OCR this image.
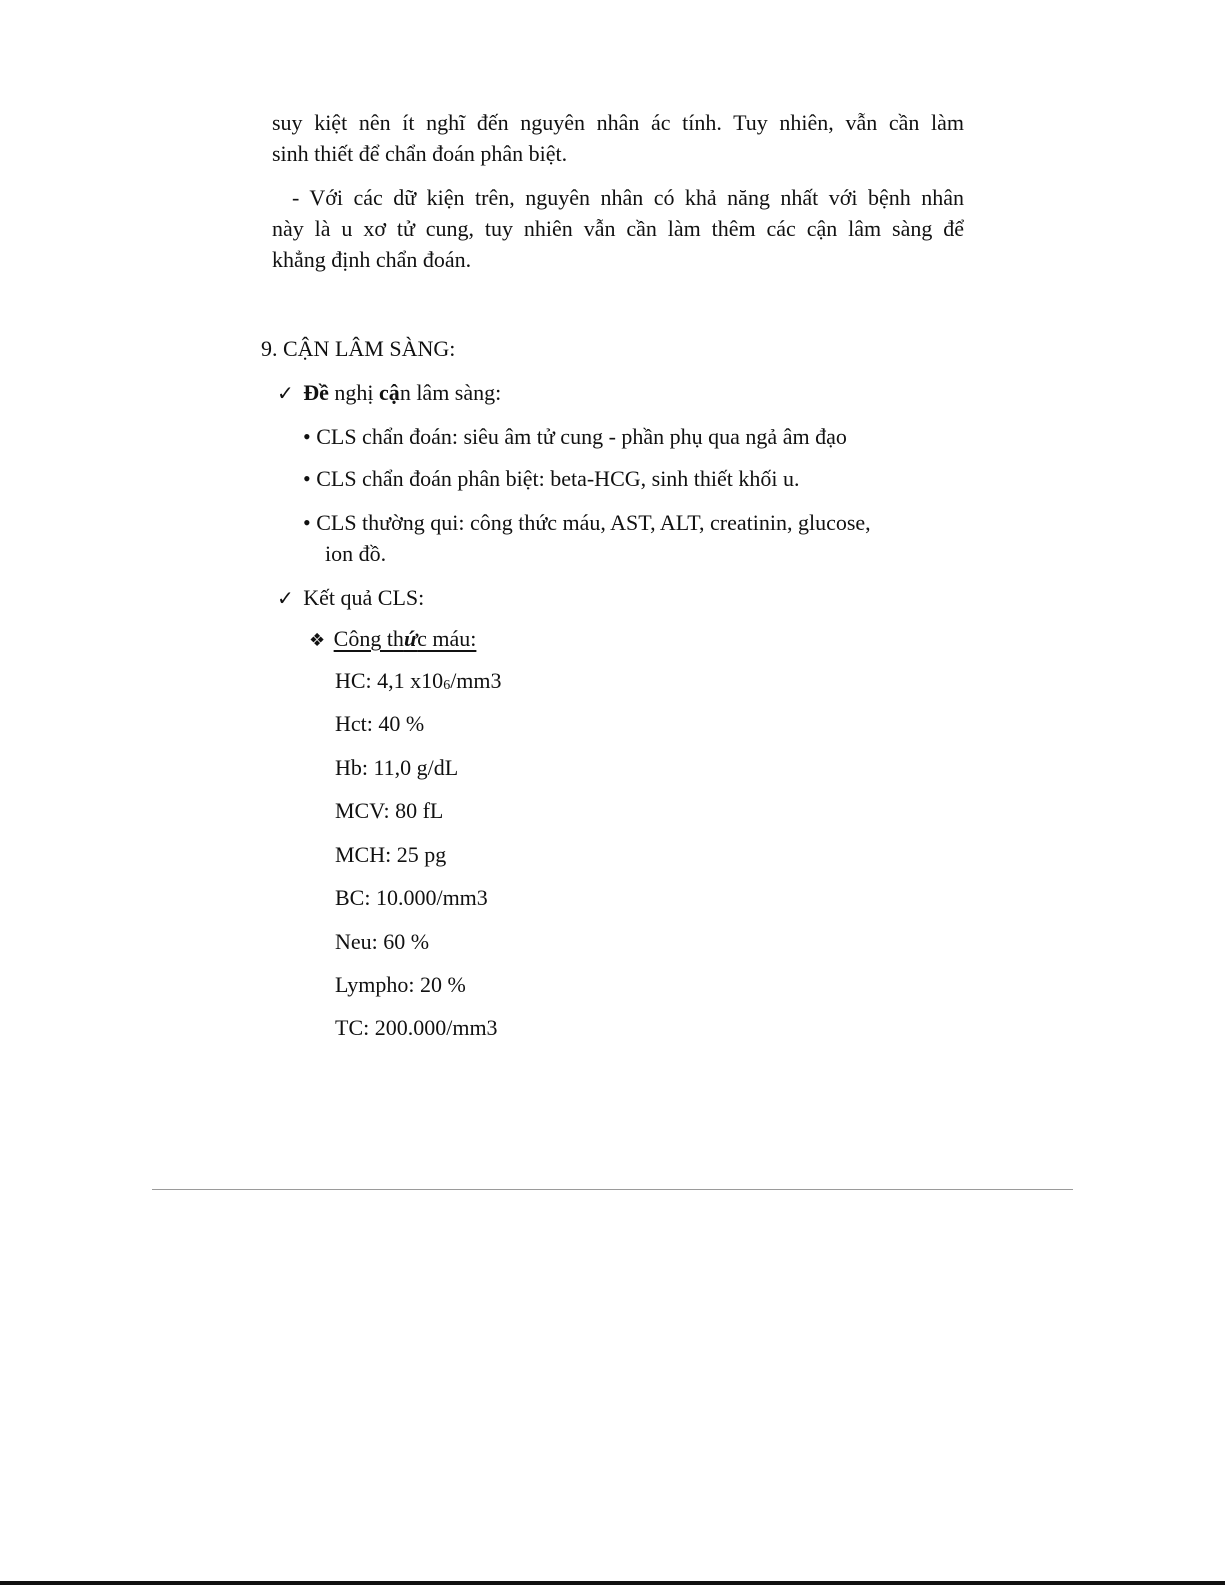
suy kiệt nên ít nghĩ đến nguyên nhân ác tính. Tuy nhiên, vẫn cần làm
sinh thiết để chẩn đoán phân biệt.
- Với các dữ kiện trên, nguyên nhân có khả năng nhất với bệnh nhân
này là u xơ tử cung, tuy nhiên vẫn cần làm thêm các cận lâm sàng để
khẳng định chẩn đoán.
9. CẬN LÂM SÀNG:
✓ Đề nghị cận lâm sàng:
• CLS chẩn đoán: siêu âm tử cung - phần phụ qua ngả âm đạo
• CLS chẩn đoán phân biệt: beta-HCG, sinh thiết khối u.
• CLS thường qui: công thức máu, AST, ALT, creatinin, glucose,
ion đồ.
✓ Kết quả CLS:
❖ Công thức máu:
HC: 4,1 x106/mm3
Hct: 40 %
Hb: 11,0 g/dL
MCV: 80 fL
MCH: 25 pg
BC: 10.000/mm3
Neu: 60 %
Lympho: 20 %
TC: 200.000/mm3
